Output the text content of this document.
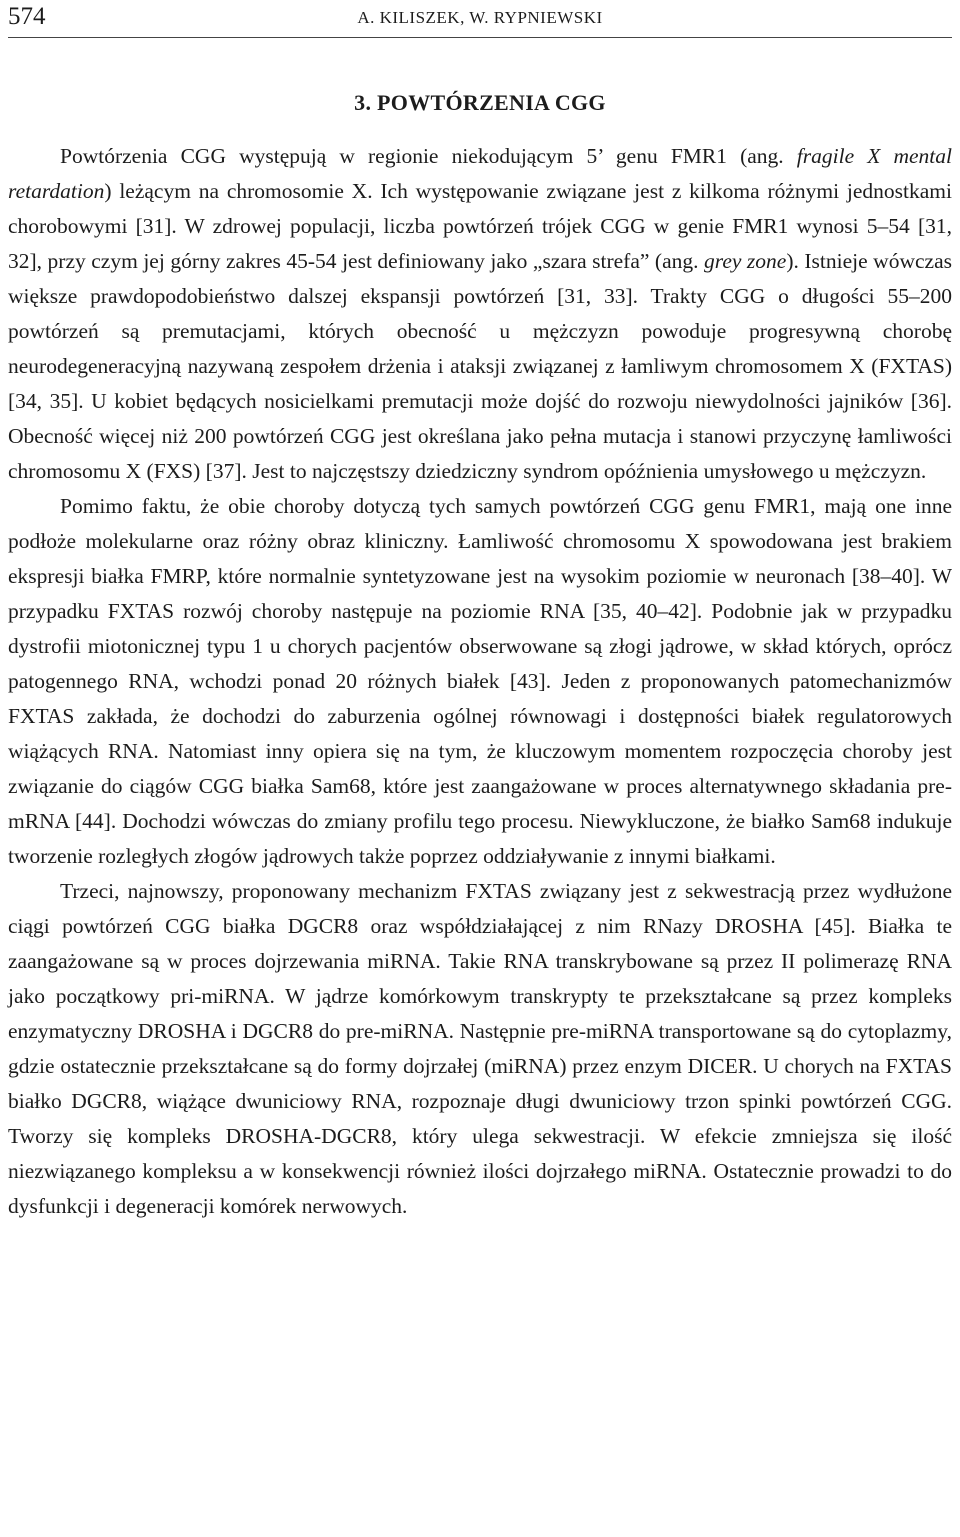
574	A. KILISZEK, W. RYPNIEWSKI
3. POWTÓRZENIA CGG

Powtórzenia CGG występują w regionie niekodującym 5’ genu FMR1 (ang. fragile X mental retardation) leżącym na chromosomie X. Ich występowanie związane jest z kilkoma różnymi jednostkami chorobowymi [31]. W zdrowej populacji, liczba powtórzeń trójek CGG w genie FMR1 wynosi 5–54 [31, 32], przy czym jej górny zakres 45-54 jest definiowany jako „szara strefa” (ang. grey zone). Istnieje wówczas większe prawdopodobieństwo dalszej ekspansji powtórzeń [31, 33]. Trakty CGG o długości 55–200 powtórzeń są premutacjami, których obecność u mężczyzn powoduje progresywną chorobę neurodegeneracyjną nazywaną zespołem drżenia i ataksji związanej z łamliwym chromosomem X (FXTAS) [34, 35]. U kobiet będących nosicielkami premutacji może dojść do rozwoju niewydolności jajników [36]. Obecność więcej niż 200 powtórzeń CGG jest określana jako pełna mutacja i stanowi przyczynę łamliwości chromosomu X (FXS) [37]. Jest to najczęstszy dziedziczny syndrom opóźnienia umysłowego u mężczyzn.

Pomimo faktu, że obie choroby dotyczą tych samych powtórzeń CGG genu FMR1, mają one inne podłoże molekularne oraz różny obraz kliniczny. Łamliwość chromosomu X spowodowana jest brakiem ekspresji białka FMRP, które normalnie syntetyzowane jest na wysokim poziomie w neuronach [38–40]. W przypadku FXTAS rozwój choroby następuje na poziomie RNA [35, 40–42]. Podobnie jak w przypadku dystrofii miotonicznej typu 1 u chorych pacjentów obserwowane są złogi jądrowe, w skład których, oprócz patogennego RNA, wchodzi ponad 20 różnych białek [43]. Jeden z proponowanych patomechanizmów FXTAS zakłada, że dochodzi do zaburzenia ogólnej równowagi i dostępności białek regulatorowych wiążących RNA. Natomiast inny opiera się na tym, że kluczowym momentem rozpoczęcia choroby jest związanie do ciągów CGG białka Sam68, które jest zaangażowane w proces alternatywnego składania pre-mRNA [44]. Dochodzi wówczas do zmiany profilu tego procesu. Niewykluczone, że białko Sam68 indukuje tworzenie rozległych złogów jądrowych także poprzez oddziaływanie z innymi białkami.

Trzeci, najnowszy, proponowany mechanizm FXTAS związany jest z sekwestracją przez wydłużone ciągi powtórzeń CGG białka DGCR8 oraz współdziałającej z nim RNazy DROSHA [45]. Białka te zaangażowane są w proces dojrzewania miRNA. Takie RNA transkrybowane są przez II polimerazę RNA jako początkowy pri-miRNA. W jądrze komórkowym transkrypty te przekształcane są przez kompleks enzymatyczny DROSHA i DGCR8 do pre-miRNA. Następnie pre-miRNA transportowane są do cytoplazmy, gdzie ostatecznie przekształcane są do formy dojrzałej (miRNA) przez enzym DICER. U chorych na FXTAS białko DGCR8, wiążące dwuniciowy RNA, rozpoznaje długi dwuniciowy trzon spinki powtórzeń CGG. Tworzy się kompleks DROSHA-DGCR8, który ulega sekwestracji. W efekcie zmniejsza się ilość niezwiązanego kompleksu a w konsekwencji również ilości dojrzałego miRNA. Ostatecznie prowadzi to do dysfunkcji i degeneracji komórek nerwowych.
